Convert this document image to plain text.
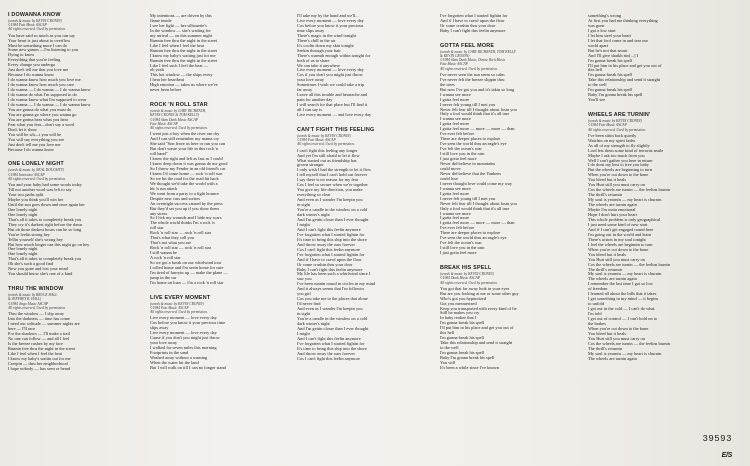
I DOWANNA KNOW
(words & music by KEVIN CRONIN)
©1984 Fate Music ASCAP
All rights reserved. Used by permission.
You have said so much as you can say
Your heart is just about to overflow
Must be something more I can do
Some new games —I'm listening to you
Dying to know
Everything that you're feeling
Every change you undergo
Just don't tell me that you love me
Because I do wanna know
I do wanna know how much you love me
I do wanna know how much you care
I do wanna — I do wanna — I do wanna know
I do wanna do what I'm supposed to do
I do wanna know what I'm supposed to wear
I do wanna — I do wanna — I do wanna know
You are gonna do what you must do
You are gonna go where you wanna go
You are gonna hear what you hear
Fear what you fear—don't say a word
Don't let it show
You will be wh—t you will be
You will say everything you see
Just don't tell me you love me
Because I do wanna know
ONE LONELY NIGHT
(words & music by NEAL DOUGHTY)
©1984 Innovator ASCAP
All rights reserved. Used by permission.
You and your baby had some words today
Till not another word was left to say
Your two paths split
Maybe you think you'll win her
Until the sun goes down and once again her
One lonely night
One lonely night
That's all it takes to completely break you
They cry it's darkest right before the dawn
But oh those darkest hours can be so long
You're feelin strong hey
Tellin yourself she's wrong hey
But how much longer can this night go on hey
One lonely night
One lonely night
That's all it takes to completely break you
Oh she's such a good find
Now you gone and lost your mind
You should know she's one of a kind
THRU THE WINDOW
(words & music by BRUCE HALL
& JEFFREY R. HALL)
©1984 Jingo Music ASCAP
All rights reserved. Used by permission.
Thru the window — I slip away
Into the darkness — time has come
I need our solitude — summer nights are
here — I'll race
For the shadows — I'll make a trail
No one can follow — and all I feel
Is the breeze rushes by my face
Runnin free thru the night in the street
Like I feel when I feel the heat
I know my baby's waitin out for me
Creepin — thru her neighborhood
I hope nobody — has seen or heard
My intentions — are driven by this
flame inside
I see her light — her silhouette's
In the window — she's waiting for
my arrival — on this summer night
Runnin free thru the night in the street
Like I feel when I feel the heat
Runnin free thru the night in the street
I know my baby's waiting just for me
Runnin free thru the night in the street
Like I feel such I feel the heat —
oh yeah
This hot window — the ships every
I hear her heartbeat
High emotion — takes us where we've
never been before
ROCK 'N ROLL STAR
(words & music by GARY RICHRATH,
KEVIN CRONIN & TOM KELLY)
©1984 Slam Dunk Music ASCAP
Fate Music ASCAP
All rights reserved. Used by permission.
I went just a boy when the river ran dry
And I can still remember my mama cry
She said "Son leave us here or run you can
But don't waste your life in this rock 'n
roll band"
I knew the right and left as fast as I could
I knew deep down it was gonna do me good
So I throw my Fender in an old friend's car
I knew I'd come home — rock 'n roll star
So we hit the road for the road hit back
We thought we'd take the world with a
hit 'n run attack
We went from a party to a fight bounce
Despite new cars and sorties
An overnight success caused by the press
But they'd set you up if you show them
any stress
So I lick my wounds and I hide my scars
The whole world thinks I'm a rock 'n
roll star
Rock 'n roll star — rock 'n roll star
That's what they call you
That's not what you are
Rock 'n roll star — rock 'n roll star
I still wanna be
A rock 'n roll star
So we got a break on our whirlwind tour
I rolled home and I'm seein home for sure
I'm tired of hurryin up — make the plane —
jump in the car
I'm home on loan — I'm a rock 'n roll star
LIVE EVERY MOMENT
(words & music by KEVIN CRONIN)
©1984 Fate Music ASCAP
All rights reserved. Used by permission.
Live every moment — love every day
Cos before you know it your precious time
slips away
Live every moment — love every day
Cause if you don't you might just throw
your love away
I walked for seven miles this morning
Footprints in the sand
Washed away without a warning
When the water hit the land
But I will walk on till I can no longer stand
I'll take my by the hand and we'll...
Live every moment — love every day
Cos before you know it your precious
time slips away
There's magic in the wind tonight
There's chill in the air
It's coolin down my skin tonight
Seekin through your hair
There's warmth enough within tonight for
both of us to share
We can take it anywhere
Live every moment — love every day
Cos if you don't you might just throw
your love away
Sometimes I wish we could take a trip
far away
Leave all this trouble and heartache and
pain for another day
I will search for that place but I'll find it
all I can say is
Live every moment — and love every day
CAN'T FIGHT THIS FEELING
(words & music by KEVIN CRONIN)
©1984 Fate Music ASCAP
All rights reserved. Used by permission.
I can't fight this feeling any longer
And yet I'm still afraid to let it flow
What started out as friendship has
grown stronger
I only wish I had the strength to let it flow
I tell myself that I can't hold out forever
I say there is no reason for my fear
Cos I feel so secure when we're together
You give my life direction, you make
everything so clear
And even as I wander I'm keepin you
in sight
You're a candle in the window on a cold
dark winter's night
And I'm gettin closer than I ever thought
I might
And I can't fight this feelin anymore
I've forgotten what I started fightin for
It's time to bring this ship into the shore
And throw away the oars forever
Cos I can't fight this feelin anymore
I've forgotten what I started fightin for
And if I have to crawl upon the floor
Or come crashin thru your door
Baby I can't fight this feelin anymore
My life has been such a whirlwind since I
saw you
I've been runnin round in circles in my mind
And it always seems that I'm followin
you girl
Cos you take me to the places that alone
I'd never find
And even as I wander I'm keepin you
in sight
You're a candle in the window on a cold
dark winter's night
And I'm gettin closer than I ever thought
I might
And I can't fight this feelin anymore
I've forgotten what I started fightin for
It's time to bring this ship into the shore
And throw away the oars forever
Cos I can't fight this feelin anymore
I've forgotten what I started fightin for
And if I have to crawl upon the floor
Or come crashin thru your door
Baby I can't fight this feelin anymore
GOTTA FEEL MORE
(words & music by GARY RICHRATH, TOM KELLY
& KEVIN CRONIN)
©1984 Slam Dunk Music, Denise Rich Music
Fate Music ASCAP
All rights reserved. Used by permission.
I've never seen the sun seem so calm
I've never felt the breeze slippin thru
the trees
But now I've got you and it's takin so long
I wanna see more
I gotta feel more
I never felt young till I met you
Never felt fear till I thought about losin you
Only a fool would think that it's all true
I wanna see more
I gotta feel more
I gotta feel more — more — more — than
I've ever felt before
There are deeper places to explore
I've seen the world thru an eagle's eye
I've felt the ocean's roar
I still love you in the rain
I just gotta feel more
Never did believe in mountains
could move
Never did believe that the Yankees
could lose
I never thought love could come my way
I wanna see more
I gotta feel more
I never felt young till I met you
Never felt fear till I thought about losin you
Only a fool would think that it's all true
I wanna see more
I gotta feel more
I gotta feel more — more — more — than
I've ever felt before
There are deeper places to explore
I've seen the world thru an eagle's eye
I've felt the ocean's roar
I still love you in the rain
I just gotta feel more
BREAK HIS SPELL
(words & music by KEVIN CRONIN)
©1984 Dunk Music ASCAP
All rights reserved. Used by permission.
You got that far away look in your eyes
But are you looking at me or some other guy
Who's got you hypnotized
Got you mesmerized
Keep you transported with every kind of lie
Still he makes you cry
In baby realize that I
I'm gonna break his spell
I'll put him in his place and get you out of
this hell
I'm gonna break his spell
Take this relationship and send it straight
to the well
I'm gonna break his spell
Baby I'm gonna break his spell
You will
It's been a while since I've known
something's wrong
At first you had me thinking everything
was gone
I got a low start
I let him steel your heart
I let that fool come in and tear our
world apart
But he's not that smart
And I'll give shaikh mo[...] I
I'm gonna break his spell
I'll put him in his place and get you out of
this hell
I'm gonna break his spell
Take this relationship and send it straight
to the well
I'm gonna break his spell
Baby I'm gonna break his spell
You'll see
WHEELS ARE TURNIN'
(words & music by KEVIN CRONIN)
©1984 Fate Music ASCAP
All rights reserved. Used by permission.
I've been sittin back quietly
Watchin on my spirit fades
As all of my strength to fly slightly
Lord lets them some kind of terrorist smile
Maybe I ask too much from you
Well I can't gather you here in return
I do dons my best to free you baby
But the wheels are beginning to turn
When you're cut down to the bone
You bleed but it heals
You Hurt still you must carry on
Cos the wheels are turnin — the feelins burnin
The thrill's returnin
My soul is yearnin — my heart is churnin
The wheels are turnin again
Maybe I'm outta emotional
Hope I don't hurt your heart
This whole problem is only geographical
I just need some kind of new start
And if I can't get engaged round here
I'm going out in the world and learn
There's action in my soul tonight
I feel the wheels are beginnin to turn
When you're cut down to the bone
You bleed but it heals
You Hurt still you must carry on
Cos the wheels are turnin — the feelins burnin
The thrill's returnin
My soul is yearnin — my heart is churnin
The wheels are turnin again
I remember the last time I got so low
of freedom
I learned all about the bills that it takes
I get something in my mind — it begins
to unfold
I get out in the cold — I can't do what
I'm told
I get out of control — I can't hold on to
the brakes
When you're cut down to the bone
You bleed but it heals
You Hurt still you must carry on
Cos the wheels are turnin — the feelins burnin
The thrill's returnin
My soul is yearnin — my heart is churnin
The wheels are turnin again
39593
E/S
